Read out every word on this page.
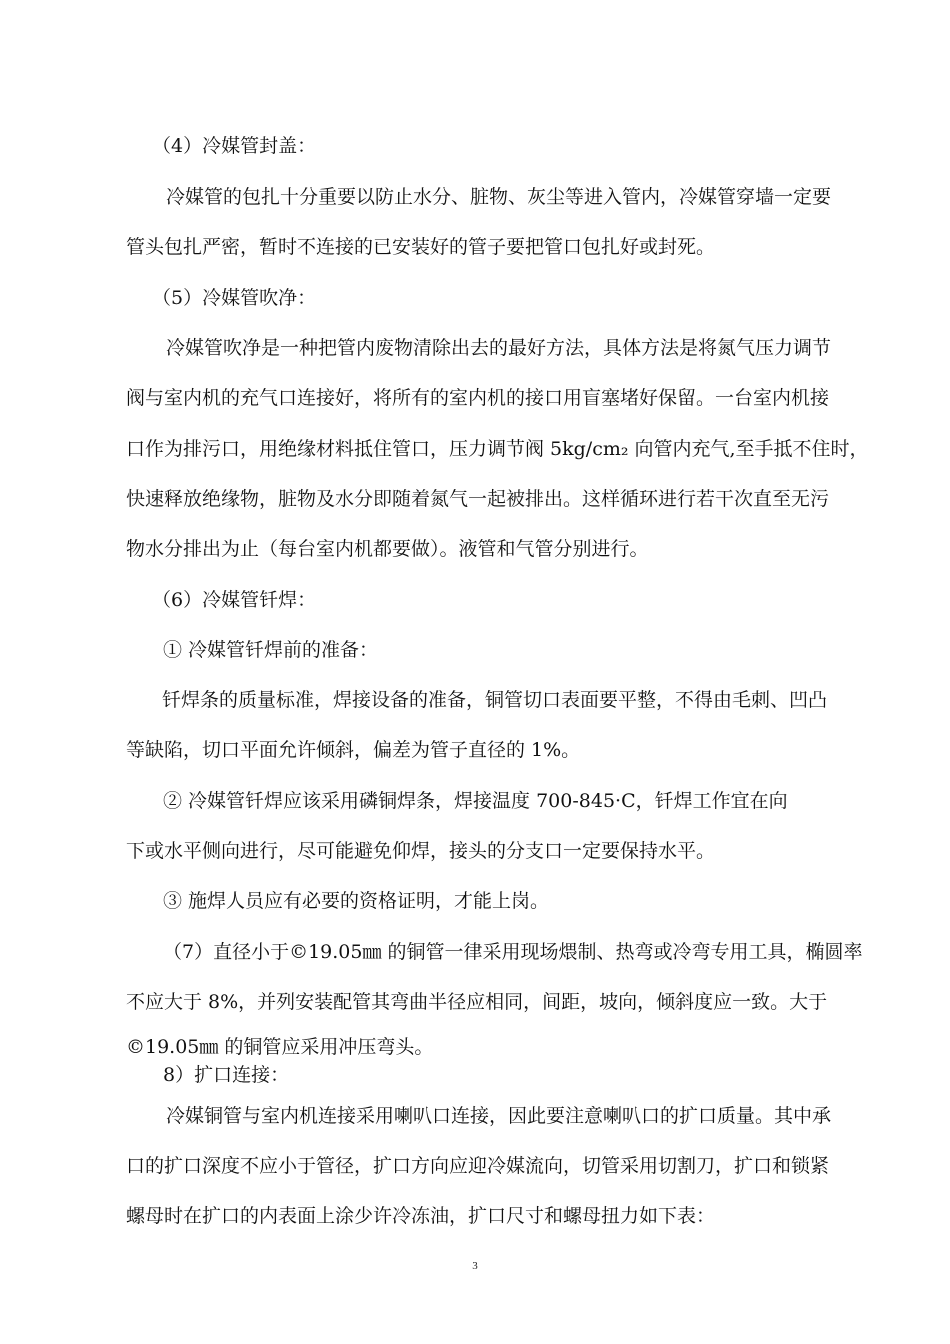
（4）冷媒管封盖：
冷媒管的包扎十分重要以防止水分、脏物、灰尘等进入管内，冷媒管穿墙一定要
管头包扎严密，暂时不连接的已安装好的管子要把管口包扎好或封死。
（5）冷媒管吹净：
冷媒管吹净是一种把管内废物清除出去的最好方法，具体方法是将氮气压力调节
阀与室内机的充气口连接好，将所有的室内机的接口用盲塞堵好保留。一台室内机接
口作为排污口，用绝缘材料抵住管口，压力调节阀 5kg/cm₂ 向管内充气,至手抵不住时，
快速释放绝缘物，脏物及水分即随着氮气一起被排出。这样循环进行若干次直至无污
物水分排出为止（每台室内机都要做）。液管和气管分别进行。
（6）冷媒管钎焊：
① 冷媒管钎焊前的准备：
钎焊条的质量标准，焊接设备的准备，铜管切口表面要平整，不得由毛刺、凹凸
等缺陷，切口平面允许倾斜，偏差为管子直径的 1%。
② 冷媒管钎焊应该采用磷铜焊条，焊接温度 700-845·C，钎焊工作宜在向
下或水平侧向进行，尽可能避免仰焊，接头的分支口一定要保持水平。
③ 施焊人员应有必要的资格证明，才能上岗。
（7）直径小于©19.05㎜ 的铜管一律采用现场煨制、热弯或冷弯专用工具，椭圆率
不应大于 8%，并列安装配管其弯曲半径应相同，间距，坡向，倾斜度应一致。大于
©19.05㎜ 的铜管应采用冲压弯头。
8）扩口连接：
冷媒铜管与室内机连接采用喇叭口连接，因此要注意喇叭口的扩口质量。其中承
口的扩口深度不应小于管径，扩口方向应迎冷媒流向，切管采用切割刀，扩口和锁紧
螺母时在扩口的内表面上涂少许冷冻油，扩口尺寸和螺母扭力如下表：
3
